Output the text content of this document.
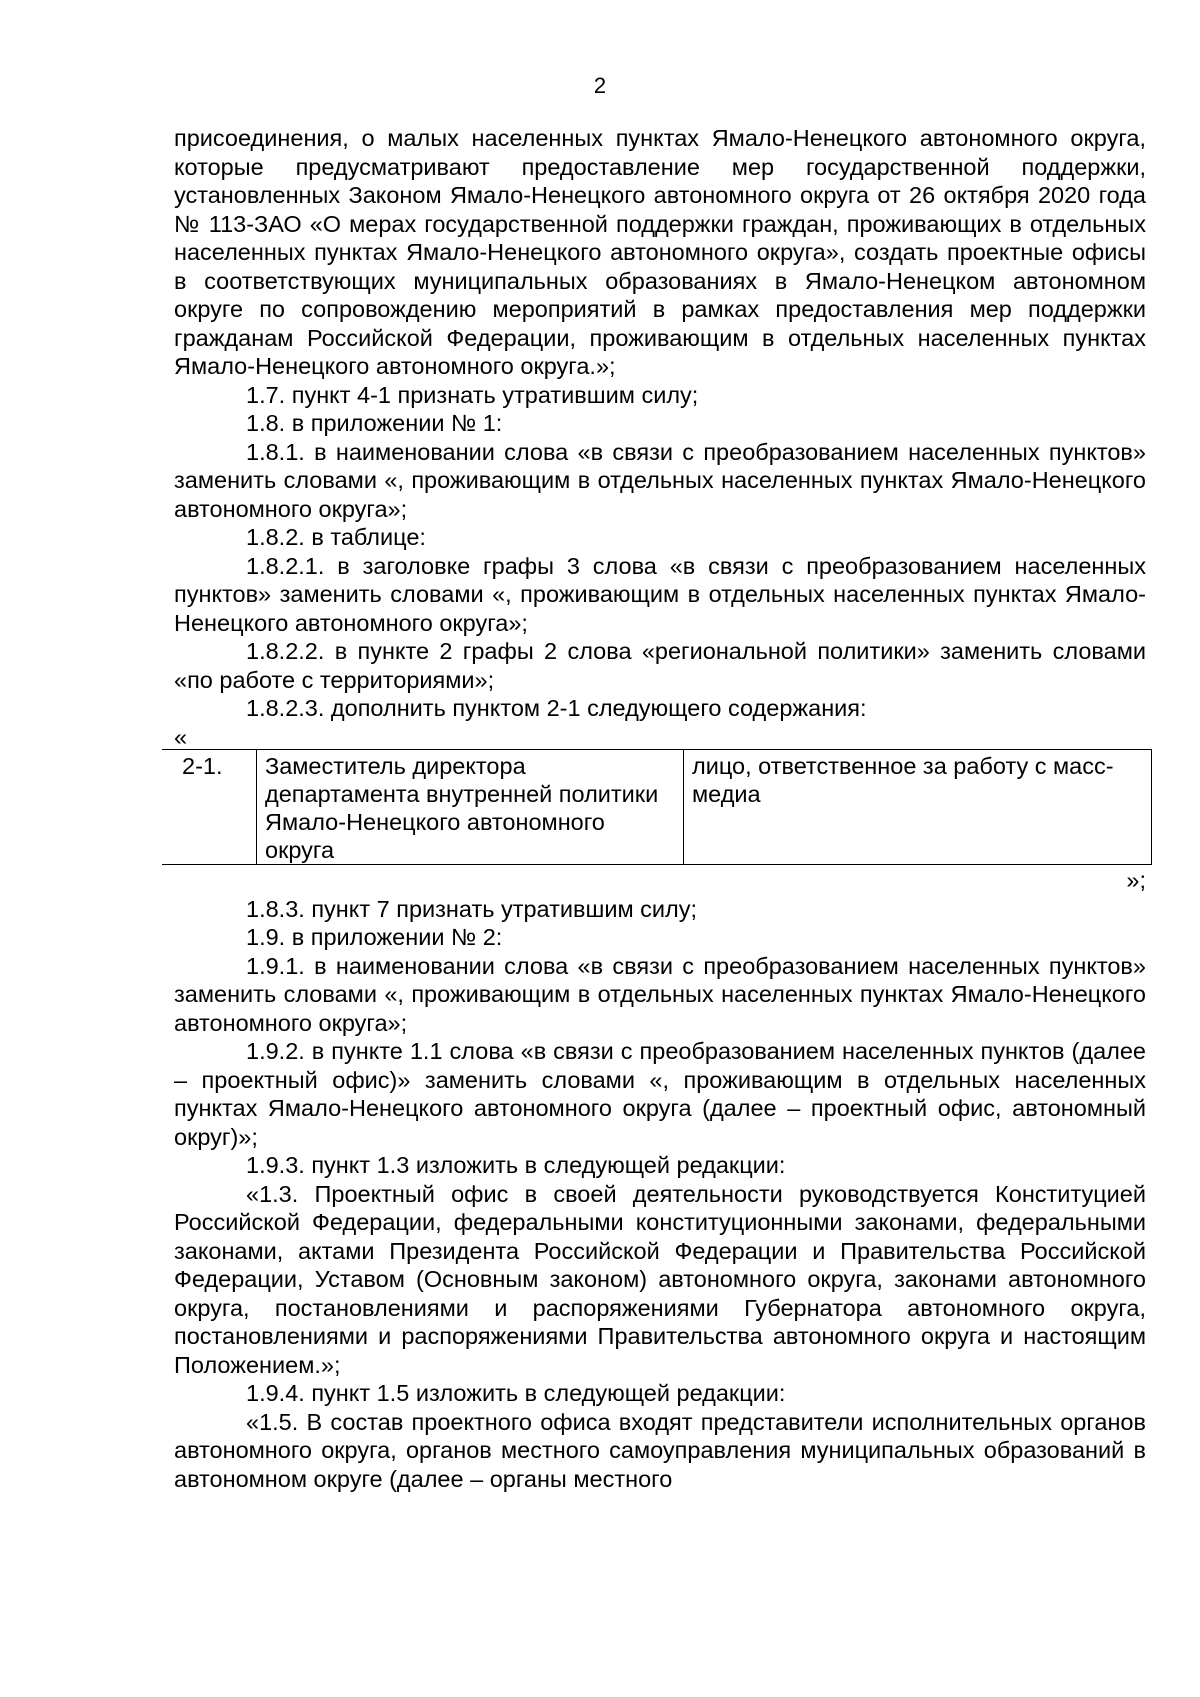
2

присоединения, о малых населенных пунктах Ямало-Ненецкого автономного округа, которые предусматривают предоставление мер государственной поддержки, установленных Законом Ямало-Ненецкого автономного округа от 26 октября 2020 года № 113-ЗАО «О мерах государственной поддержки граждан, проживающих в отдельных населенных пунктах Ямало-Ненецкого автономного округа», создать проектные офисы в соответствующих муниципальных образованиях в Ямало-Ненецком автономном округе по сопровождению мероприятий в рамках предоставления мер поддержки гражданам Российской Федерации, проживающим в отдельных населенных пунктах Ямало-Ненецкого автономного округа.»;

1.7. пункт 4-1 признать утратившим силу;

1.8. в приложении № 1:

1.8.1. в наименовании слова «в связи с преобразованием населенных пунктов» заменить словами «, проживающим в отдельных населенных пунктах Ямало-Ненецкого автономного округа»;

1.8.2. в таблице:

1.8.2.1. в заголовке графы 3 слова «в связи с преобразованием населенных пунктов» заменить словами «, проживающим в отдельных населенных пунктах Ямало-Ненецкого автономного округа»;

1.8.2.2. в пункте 2 графы 2 слова «региональной политики» заменить словами «по работе с территориями»;

1.8.2.3. дополнить пунктом 2-1 следующего содержания:

«

2-1.	Заместитель директора департамента внутренней политики Ямало-Ненецкого автономного округа	лицо, ответственное за работу с масс-медиа

»;

1.8.3. пункт 7 признать утратившим силу;

1.9. в приложении № 2:

1.9.1. в наименовании слова «в связи с преобразованием населенных пунктов» заменить словами «, проживающим в отдельных населенных пунктах Ямало-Ненецкого автономного округа»;

1.9.2. в пункте 1.1 слова «в связи с преобразованием населенных пунктов (далее – проектный офис)» заменить словами «, проживающим в отдельных населенных пунктах Ямало-Ненецкого автономного округа (далее – проектный офис, автономный округ)»;

1.9.3. пункт 1.3 изложить в следующей редакции:

«1.3. Проектный офис в своей деятельности руководствуется Конституцией Российской Федерации, федеральными конституционными законами, федеральными законами, актами Президента Российской Федерации и Правительства Российской Федерации, Уставом (Основным законом) автономного округа, законами автономного округа, постановлениями и распоряжениями Губернатора автономного округа, постановлениями и распоряжениями Правительства автономного округа и настоящим Положением.»;

1.9.4. пункт 1.5 изложить в следующей редакции:

«1.5. В состав проектного офиса входят представители исполнительных органов автономного округа, органов местного самоуправления муниципальных образований в автономном округе (далее – органы местного
